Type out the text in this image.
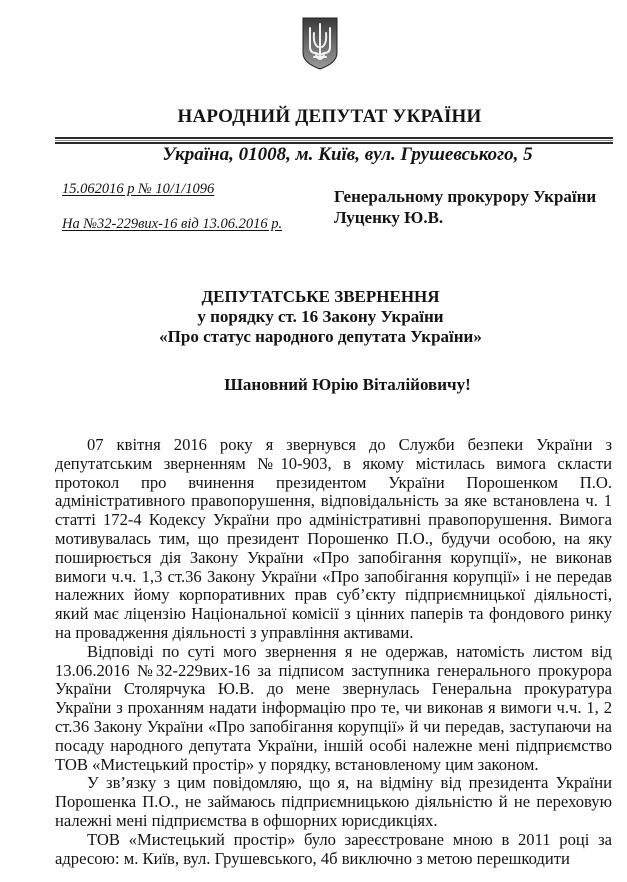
НАРОДНИЙ ДЕПУТАТ УКРАЇНИ
Україна, 01008, м. Київ, вул. Грушевського, 5
15.062016 р № 10/1/1096
На №32-229вих-16 від 13.06.2016 р.
Генеральному прокурору України
Луценку Ю.В.
ДЕПУТАТСЬКЕ ЗВЕРНЕННЯ
у порядку ст. 16 Закону України
«Про статус народного депутата України»
Шановний Юрію Віталійовичу!

07 квітня 2016 року я звернувся до Служби безпеки України з депутатським зверненням №10-903, в якому містилась вимога скласти протокол про вчинення президентом України Порошенком П.О. адміністративного правопорушення, відповідальність за яке встановлена ч. 1 статті 172-4 Кодексу України про адміністративні правопорушення. Вимога мотивувалась тим, що президент Порошенко П.О., будучи особою, на яку поширюється дія Закону України «Про запобігання корупції», не виконав вимоги ч.ч. 1,3 ст.36 Закону України «Про запобігання корупції» і не передав належних йому корпоративних прав суб’єкту підприємницької діяльності, який має ліцензію Національної комісії з цінних паперів та фондового ринку на провадження діяльності з управління активами.

Відповіді по суті мого звернення я не одержав, натомість листом від 13.06.2016 №32-229вих-16 за підписом заступника генерального прокурора України Столярчука Ю.В. до мене звернулась Генеральна прокуратура України з проханням надати інформацію про те, чи виконав я вимоги ч.ч. 1, 2 ст.36 Закону України «Про запобігання корупції» й чи передав, заступаючи на посаду народного депутата України, іншій особі належне мені підприємство ТОВ «Мистецький простір» у порядку, встановленому цим законом.

У зв’язку з цим повідомляю, що я, на відміну від президента України Порошенка П.О., не займаюсь підприємницькою діяльністю й не переховую належні мені підприємства в офшорних юрисдикціях.

ТОВ «Мистецький простір» було зареєстроване мною в 2011 році за адресою: м. Київ, вул. Грушевського, 4б виключно з метою перешкодити
